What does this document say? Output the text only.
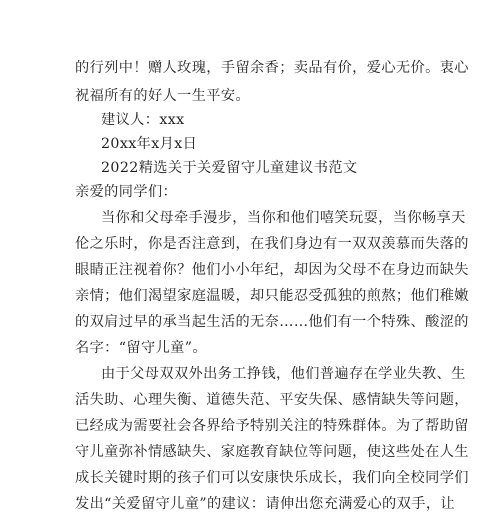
的行列中！赠人玫瑰，手留余香；卖品有价，爱心无价。衷心
祝福所有的好人一生平安。
建议人：xxx
20xx年x月x日
2022精选关于关爱留守儿童建议书范文
亲爱的同学们：
当你和父母牵手漫步，当你和他们嘻笑玩耍，当你畅享天
伦之乐时，你是否注意到，在我们身边有一双双羡慕而失落的
眼睛正注视着你？他们小小年纪，却因为父母不在身边而缺失
亲情；他们渴望家庭温暖，却只能忍受孤独的煎熬；他们稚嫩
的双肩过早的承当起生活的无奈……他们有一个特殊、酸涩的
名字：“留守儿童”。
由于父母双双外出务工挣钱，他们普遍存在学业失教、生
活失助、心理失衡、道德失范、平安失保、感情缺失等问题，
已经成为需要社会各界给予特别关注的特殊群体。为了帮助留
守儿童弥补情感缺失、家庭教育缺位等问题，使这些处在人生
成长关键时期的孩子们可以安康快乐成长，我们向全校同学们
发出“关爱留守儿童”的建议：请伸出您充满爱心的双手，让
